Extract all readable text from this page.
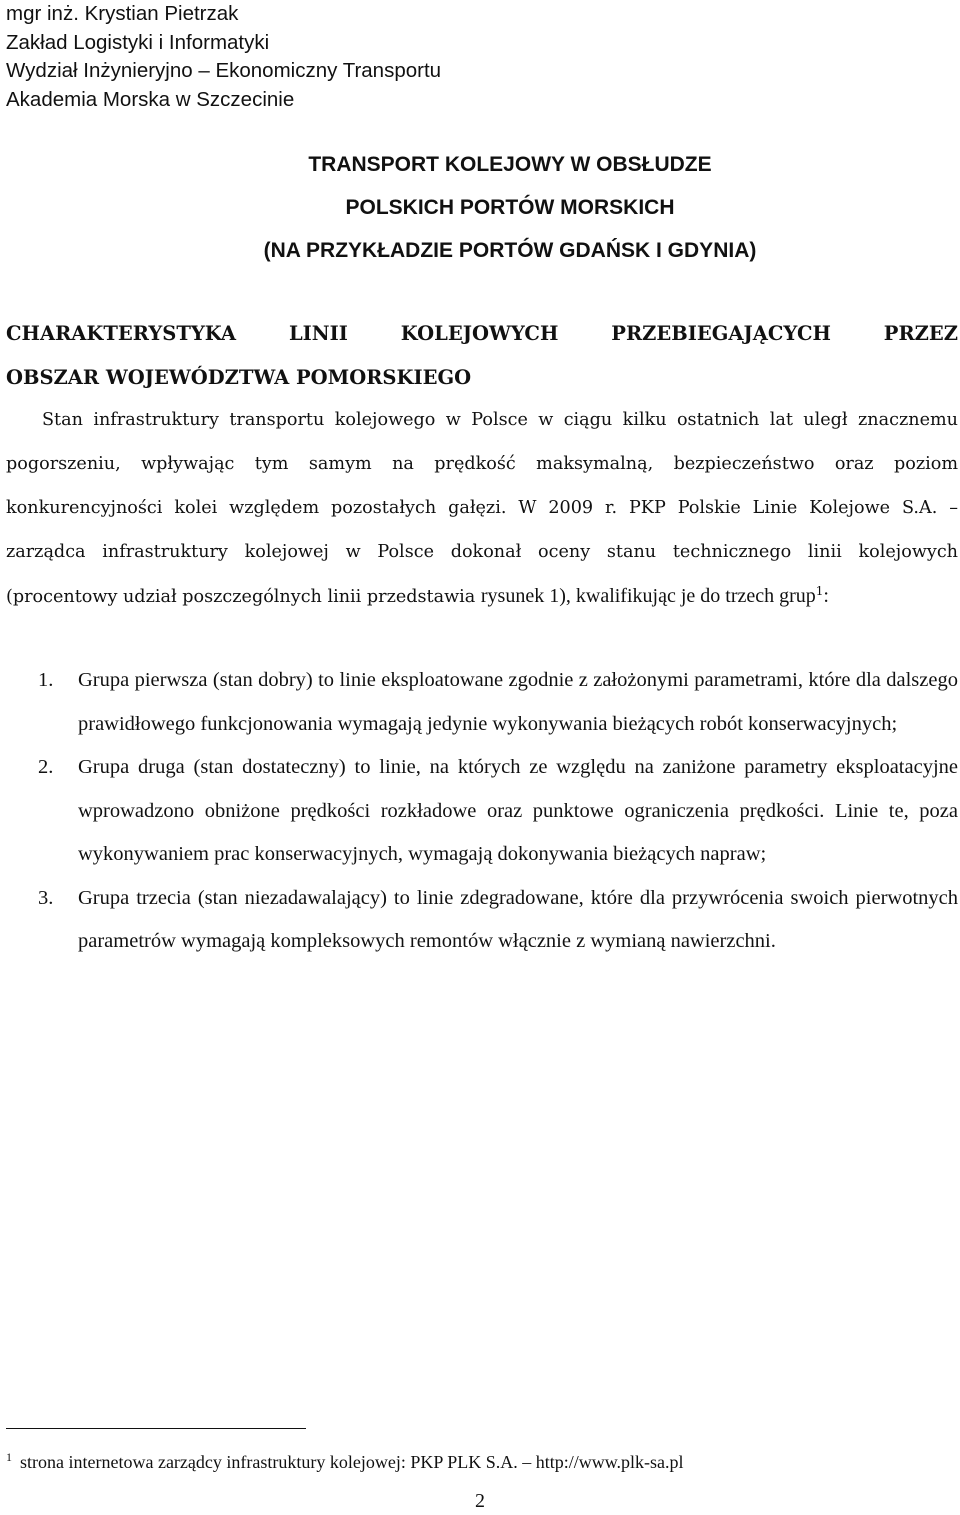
mgr inż. Krystian Pietrzak
Zakład Logistyki i Informatyki
Wydział Inżynieryjno – Ekonomiczny Transportu
Akademia Morska w Szczecinie
TRANSPORT KOLEJOWY W OBSŁUDZE
POLSKICH PORTÓW MORSKICH
(NA PRZYKŁADZIE PORTÓW GDAŃSK I GDYNIA)
CHARAKTERYSTYKA LINII KOLEJOWYCH PRZEBIEGAJĄCYCH PRZEZ
OBSZAR WOJEWÓDZTWA POMORSKIEGO
Stan infrastruktury transportu kolejowego w Polsce w ciągu kilku ostatnich lat uległ znacznemu pogorszeniu, wpływając tym samym na prędkość maksymalną, bezpieczeństwo oraz poziom konkurencyjności kolei względem pozostałych gałęzi. W 2009 r. PKP Polskie Linie Kolejowe S.A. – zarządca infrastruktury kolejowej w Polsce dokonał oceny stanu technicznego linii kolejowych (procentowy udział poszczególnych linii przedstawia rysunek 1), kwalifikując je do trzech grup$^1$:
1. Grupa pierwsza (stan dobry) to linie eksploatowane zgodnie z założonymi parametrami, które dla dalszego prawidłowego funkcjonowania wymagają jedynie wykonywania bieżących robót konserwacyjnych;
2. Grupa druga (stan dostateczny) to linie, na których ze względu na zaniżone parametry eksploatacyjne wprowadzono obniżone prędkości rozkładowe oraz punktowe ograniczenia prędkości. Linie te, poza wykonywaniem prac konserwacyjnych, wymagają dokonywania bieżących napraw;
3. Grupa trzecia (stan niezadawalający) to linie zdegradowane, które dla przywrócenia swoich pierwotnych parametrów wymagają kompleksowych remontów włącznie z wymianą nawierzchni.
$^1$ strona internetowa zarządcy infrastruktury kolejowej: PKP PLK S.A. – http://www.plk-sa.pl
2
